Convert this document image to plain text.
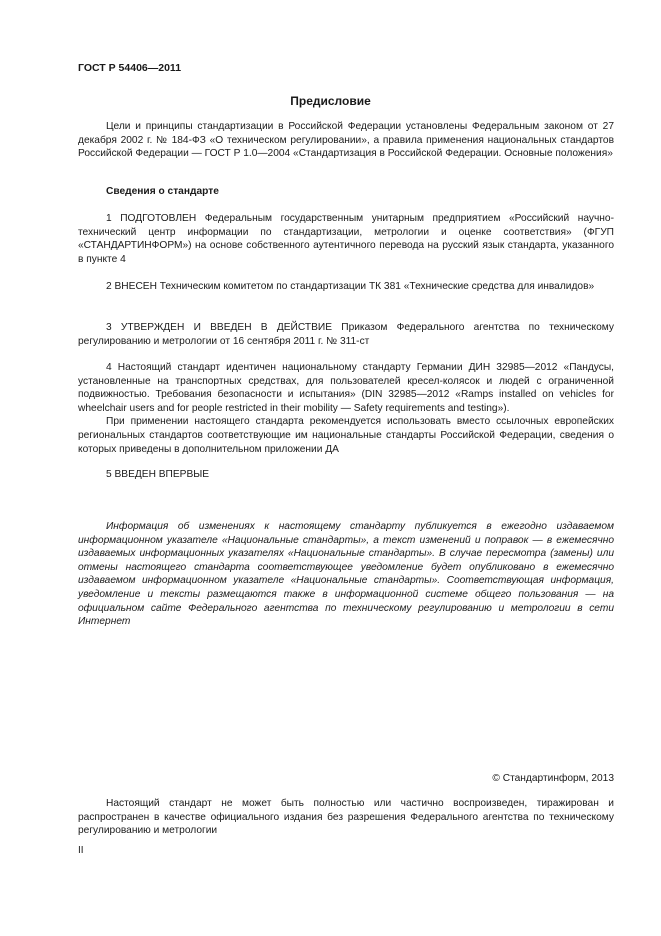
ГОСТ Р 54406—2011
Предисловие

Цели и принципы стандартизации в Российской Федерации установлены Федеральным законом от 27 декабря 2002 г. № 184-ФЗ «О техническом регулировании», а правила применения национальных стандартов Российской Федерации — ГОСТ Р 1.0—2004 «Стандартизация в Российской Федерации. Основные положения»

Сведения о стандарте

1 ПОДГОТОВЛЕН Федеральным государственным унитарным предприятием «Российский научно-технический центр информации по стандартизации, метрологии и оценке соответствия» (ФГУП «СТАНДАРТИНФОРМ») на основе собственного аутентичного перевода на русский язык стандарта, указанного в пункте 4

2 ВНЕСЕН Техническим комитетом по стандартизации ТК 381 «Технические средства для инвалидов»

3 УТВЕРЖДЕН И ВВЕДЕН В ДЕЙСТВИЕ Приказом Федерального агентства по техническому регулированию и метрологии от 16 сентября 2011 г. № 311-ст

4 Настоящий стандарт идентичен национальному стандарту Германии ДИН 32985—2012 «Пандусы, установленные на транспортных средствах, для пользователей кресел-колясок и людей с ограниченной подвижностью. Требования безопасности и испытания» (DIN 32985—2012 «Ramps installed on vehicles for wheelchair users and for people restricted in their mobility — Safety requirements and testing»).

При применении настоящего стандарта рекомендуется использовать вместо ссылочных европейских региональных стандартов соответствующие им национальные стандарты Российской Федерации, сведения о которых приведены в дополнительном приложении ДА

5 ВВЕДЕН ВПЕРВЫЕ

Информация об изменениях к настоящему стандарту публикуется в ежегодно издаваемом информационном указателе «Национальные стандарты», а текст изменений и поправок — в ежемесячно издаваемых информационных указателях «Национальные стандарты». В случае пересмотра (замены) или отмены настоящего стандарта соответствующее уведомление будет опубликовано в ежемесячно издаваемом информационном указателе «Национальные стандарты». Соответствующая информация, уведомление и тексты размещаются также в информационной системе общего пользования — на официальном сайте Федерального агентства по техническому регулированию и метрологии в сети Интернет

© Стандартинформ, 2013

Настоящий стандарт не может быть полностью или частично воспроизведен, тиражирован и распространен в качестве официального издания без разрешения Федерального агентства по техническому регулированию и метрологии

II
